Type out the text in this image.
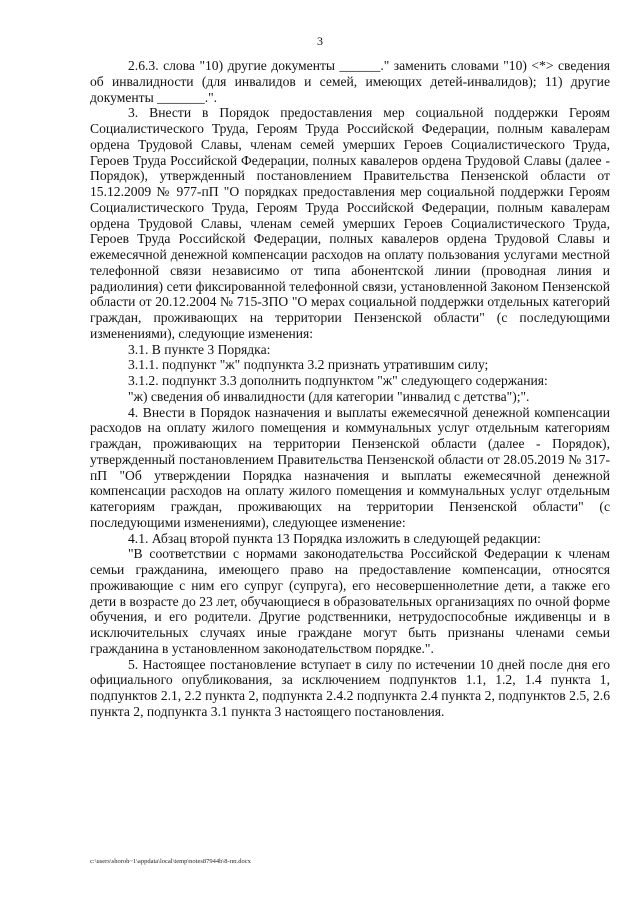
3

2.6.3. слова "10) другие документы ______." заменить словами "10) <*> сведения об инвалидности (для инвалидов и семей, имеющих детей-инвалидов); 11) другие документы _______.".

3. Внести в Порядок предоставления мер социальной поддержки Героям Социалистического Труда, Героям Труда Российской Федерации, полным кавалерам ордена Трудовой Славы, членам семей умерших Героев Социалистического Труда, Героев Труда Российской Федерации, полных кавалеров ордена Трудовой Славы (далее - Порядок), утвержденный постановлением Правительства Пензенской области от 15.12.2009 № 977-пП "О порядках предоставления мер социальной поддержки Героям Социалистического Труда, Героям Труда Российской Федерации, полным кавалерам ордена Трудовой Славы, членам семей умерших Героев Социалистического Труда, Героев Труда Российской Федерации, полных кавалеров ордена Трудовой Славы и ежемесячной денежной компенсации расходов на оплату пользования услугами местной телефонной связи независимо от типа абонентской линии (проводная линия и радиолиния) сети фиксированной телефонной связи, установленной Законом Пензенской области от 20.12.2004 № 715-ЗПО "О мерах социальной поддержки отдельных категорий граждан, проживающих на территории Пензенской области" (с последующими изменениями), следующие изменения:

3.1. В пункте 3 Порядка:

3.1.1. подпункт "ж" подпункта 3.2 признать утратившим силу;

3.1.2. подпункт 3.3 дополнить подпунктом "ж" следующего содержания:

"ж) сведения об инвалидности (для категории "инвалид с детства");".

4. Внести в Порядок назначения и выплаты ежемесячной денежной компенсации расходов на оплату жилого помещения и коммунальных услуг отдельным категориям граждан, проживающих на территории Пензенской области (далее - Порядок), утвержденный постановлением Правительства Пензенской области от 28.05.2019 № 317-пП "Об утверждении Порядка назначения и выплаты ежемесячной денежной компенсации расходов на оплату жилого помещения и коммунальных услуг отдельным категориям граждан, проживающих на территории Пензенской области" (с последующими изменениями), следующее изменение:

4.1. Абзац второй пункта 13 Порядка изложить в следующей редакции:

"В соответствии с нормами законодательства Российской Федерации к членам семьи гражданина, имеющего право на предоставление компенсации, относятся проживающие с ним его супруг (супруга), его несовершеннолетние дети, а также его дети в возрасте до 23 лет, обучающиеся в образовательных организациях по очной форме обучения, и его родители. Другие родственники, нетрудоспособные иждивенцы и в исключительных случаях иные граждане могут быть признаны членами семьи гражданина в установленном законодательством порядке.".

5. Настоящее постановление вступает в силу по истечении 10 дней после дня его официального опубликования, за исключением подпунктов 1.1, 1.2, 1.4 пункта 1, подпунктов 2.1, 2.2 пункта 2, подпункта 2.4.2 подпункта 2.4 пункта 2, подпунктов 2.5, 2.6 пункта 2, подпункта 3.1 пункта 3 настоящего постановления.

c:\users\shoroh~1\appdata\local\temp\notes87944b\8-пп.docx
